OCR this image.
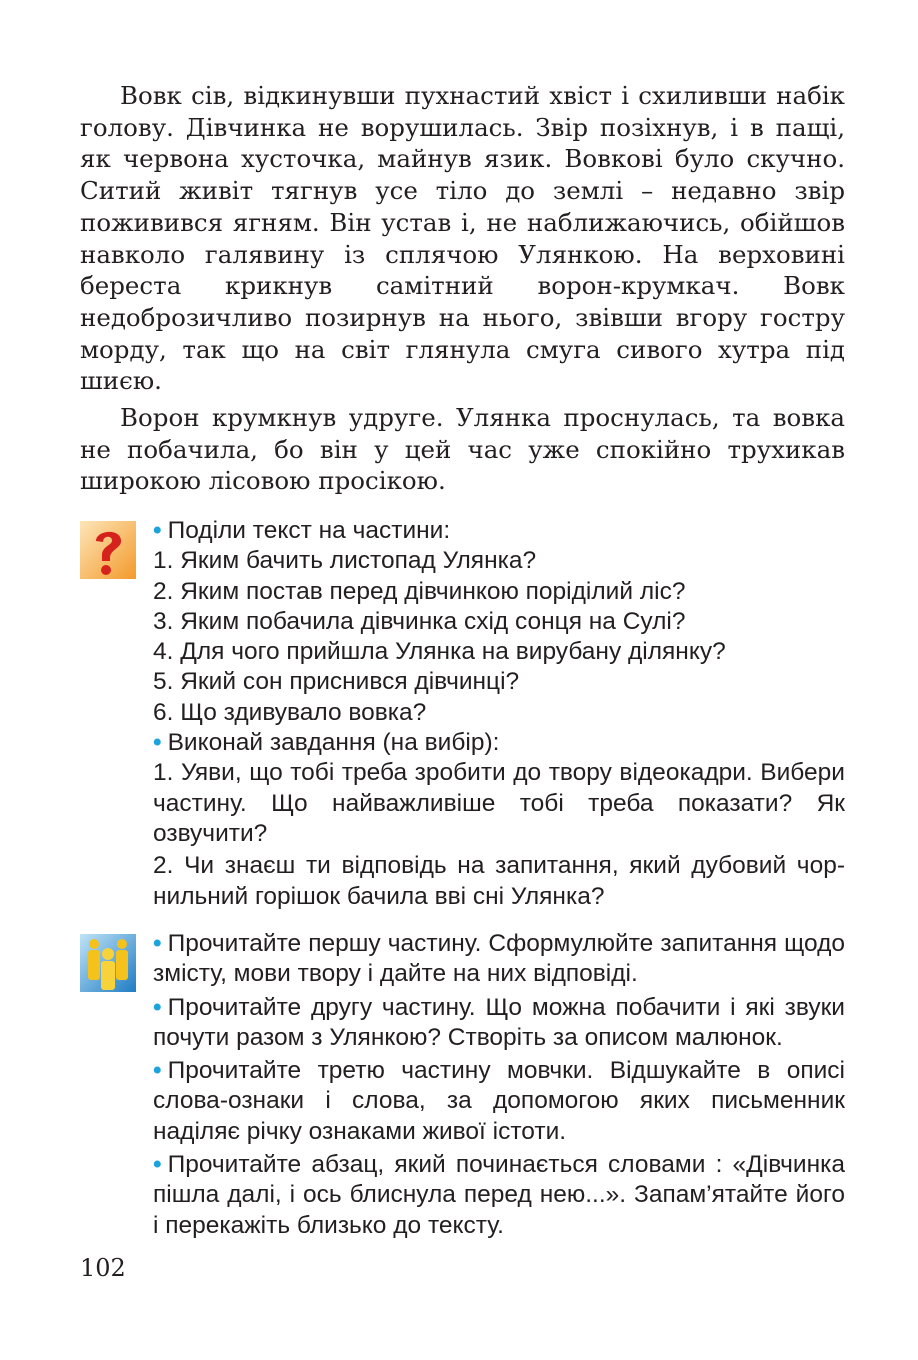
Вовк сів, відкинувши пухнастий хвіст і схиливши набік голову. Дівчинка не ворушилась. Звір позіхнув, і в пащі, як червона хусточка, майнув язик. Вовкові було скучно. Ситий живіт тягнув усе тіло до землі – недавно звір поживився ягням. Він устав і, не наближаючись, обійшов навколо галявину із сплячою Улянкою. На верховині береста крикнув самітний ворон-крумкач. Вовк недоброзичливо позирнув на нього, звівши вгору гостру морду, так що на світ глянула смуга сивого хутра під шиєю.

Ворон крумкнув удруге. Улянка проснулась, та вовка не побачила, бо він у цей час уже спокійно трухикав широкою лісовою просікою.

• Поділи текст на частини:
1. Яким бачить листопад Улянка?
2. Яким постав перед дівчинкою порідiлий ліс?
3. Яким побачила дівчинка схід сонця на Сулі?
4. Для чого прийшла Улянка на вирубану ділянку?
5. Який сон приснився дівчинці?
6. Що здивувало вовка?
• Виконай завдання (на вибір):
1. Уяви, що тобі треба зробити до твору відеокадри. Вибери частину. Що найважливіше тобі треба показати? Як озвучити?
2. Чи знаєш ти відповідь на запитання, який дубовий чорнильний горішок бачила вві сні Улянка?
• Прочитайте першу частину. Сформулюйте запитання щодо змісту, мови твору і дайте на них відповіді.
• Прочитайте другу частину. Що можна побачити і які звуки почути разом з Улянкою? Створіть за описом малюнок.
• Прочитайте третю частину мовчки. Відшукайте в описі слова-ознаки і слова, за допомогою яких письменник наділяє річку ознаками живої істоти.
• Прочитайте абзац, який починається словами : «Дівчинка пішла далі, і ось блиснула перед нею...». Запам’ятайте його і перекажіть близько до тексту.
102
